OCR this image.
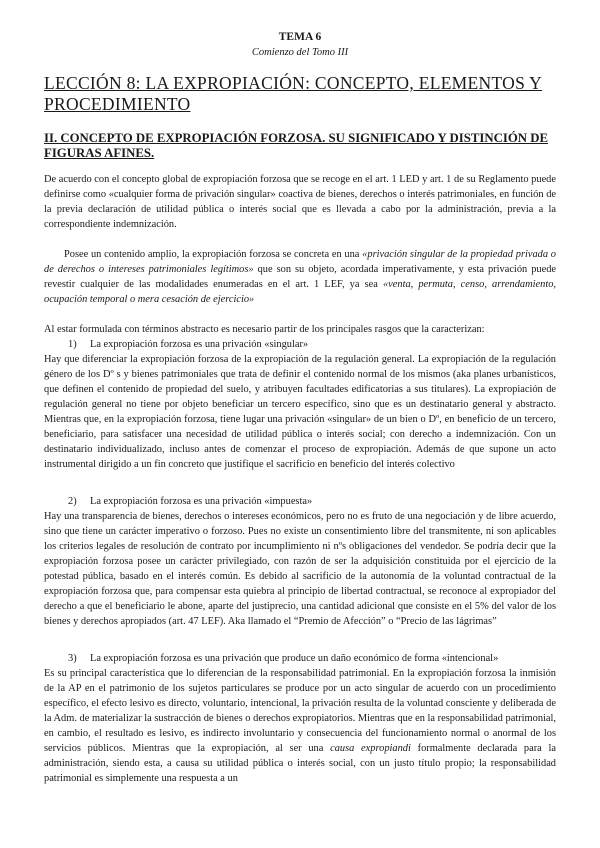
TEMA 6

Comienzo del Tomo III

LECCIÓN 8: LA EXPROPIACIÓN: CONCEPTO, ELEMENTOS Y PROCEDIMIENTO
II. CONCEPTO DE EXPROPIACIÓN FORZOSA. SU SIGNIFICADO Y DISTINCIÓN DE FIGURAS AFINES.

De acuerdo con el concepto global de expropiación forzosa que se recoge en el art. 1 LED y art. 1 de su Reglamento puede definirse como «cualquier forma de privación singular» coactiva de bienes, derechos o interés patrimoniales, en función de la previa declaración de utilidad pública o interés social que es llevada a cabo por la administración, previa a la correspondiente indemnización.

Posee un contenido amplio, la expropiación forzosa se concreta en una «privación singular de la propiedad privada o de derechos o intereses patrimoniales legítimos» que son su objeto, acordada imperativamente, y esta privación puede revestir cualquier de las modalidades enumeradas en el art. 1 LEF, ya sea «venta, permuta, censo, arrendamiento, ocupación temporal o mera cesación de ejercicio»

Al estar formulada con términos abstracto es necesario partir de los principales rasgos que la caracterizan:

1) La expropiación forzosa es una privación «singular»

Hay que diferenciar la expropiación forzosa de la expropiación de la regulación general. La expropiación de la regulación género de los Dº s y bienes patrimoniales que trata de definir el contenido normal de los mismos (aka planes urbanísticos, que definen el contenido de propiedad del suelo, y atribuyen facultades edificatorias a sus titulares). La expropiación de regulación general no tiene por objeto beneficiar un tercero específico, sino que es un destinatario general y abstracto. Mientras que, en la expropiación forzosa, tiene lugar una privación «singular» de un bien o Dº, en beneficio de un tercero, beneficiario, para satisfacer una necesidad de utilidad pública o interés social; con derecho a indemnización. Con un destinatario individualizado, incluso antes de comenzar el proceso de expropiación. Además de que supone un acto instrumental dirigido a un fin concreto que justifique el sacrificio en beneficio del interés colectivo

2) La expropiación forzosa es una privación «impuesta»

Hay una transparencia de bienes, derechos o intereses económicos, pero no es fruto de una negociación y de libre acuerdo, sino que tiene un carácter imperativo o forzoso. Pues no existe un consentimiento libre del transmitente, ni son aplicables los criterios legales de resolución de contrato por incumplimiento ni nºs obligaciones del vendedor. Se podría decir que la expropiación forzosa posee un carácter privilegiado, con razón de ser la adquisición constituida por el ejercicio de la potestad pública, basado en el interés común. Es debido al sacrificio de la autonomía de la voluntad contractual de la expropiación forzosa que, para compensar esta quiebra al principio de libertad contractual, se reconoce al expropiador del derecho a que el beneficiario le abone, aparte del justiprecio, una cantidad adicional que consiste en el 5% del valor de los bienes y derechos apropiados (art. 47 LEF). Aka llamado el “Premio de Afección” o “Precio de las lágrimas”

3) La expropiación forzosa es una privación que produce un daño económico de forma «intencional»

Es su principal característica que lo diferencian de la responsabilidad patrimonial. En la expropiación forzosa la inmisión de la AP en el patrimonio de los sujetos particulares se produce por un acto singular de acuerdo con un procedimiento específico, el efecto lesivo es directo, voluntario, intencional, la privación resulta de la voluntad consciente y deliberada de la Adm. de materializar la sustracción de bienes o derechos expropiatorios. Mientras que en la responsabilidad patrimonial, en cambio, el resultado es lesivo, es indirecto involuntario y consecuencia del funcionamiento normal o anormal de los servicios públicos. Mientras que la expropiación, al ser una causa expropiandi formalmente declarada para la administración, siendo esta, a causa su utilidad pública o interés social, con un justo título propio; la responsabilidad patrimonial es simplemente una respuesta a un
